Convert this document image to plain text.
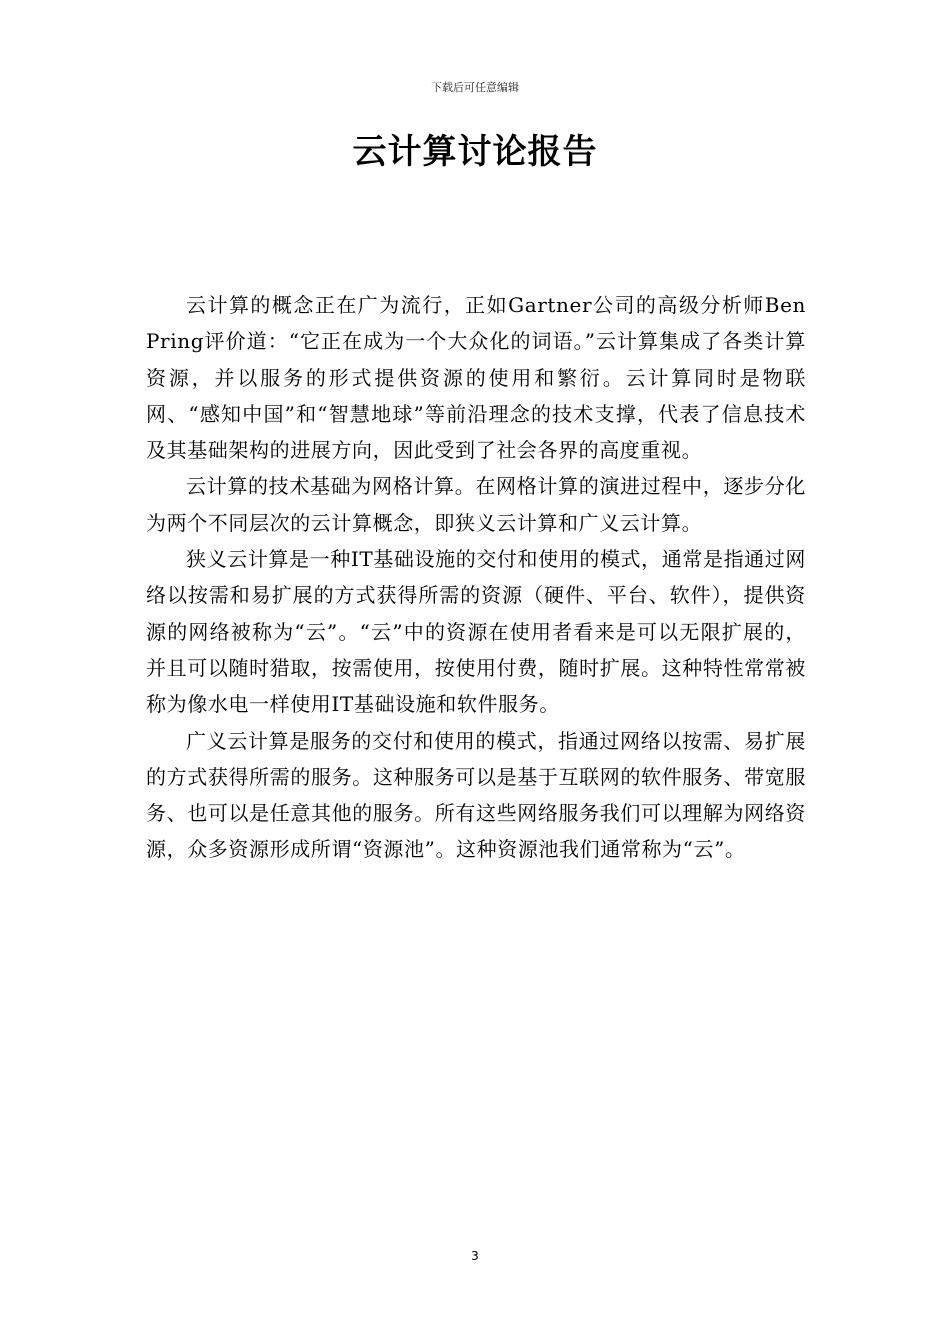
下载后可任意编辑
云计算讨论报告

云计算的概念正在广为流行，正如Gartner公司的高级分析师Ben Pring评价道：“它正在成为一个大众化的词语。”云计算集成了各类计算资源，并以服务的形式提供资源的使用和繁衍。云计算同时是物联网、“感知中国”和“智慧地球”等前沿理念的技术支撑，代表了信息技术及其基础架构的进展方向，因此受到了社会各界的高度重视。

云计算的技术基础为网格计算。在网格计算的演进过程中，逐步分化为两个不同层次的云计算概念，即狭义云计算和广义云计算。

狭义云计算是一种IT基础设施的交付和使用的模式，通常是指通过网络以按需和易扩展的方式获得所需的资源（硬件、平台、软件），提供资源的网络被称为“云”。“云”中的资源在使用者看来是可以无限扩展的，并且可以随时猎取，按需使用，按使用付费，随时扩展。这种特性常常被称为像水电一样使用IT基础设施和软件服务。

广义云计算是服务的交付和使用的模式，指通过网络以按需、易扩展的方式获得所需的服务。这种服务可以是基于互联网的软件服务、带宽服务、也可以是任意其他的服务。所有这些网络服务我们可以理解为网络资源，众多资源形成所谓“资源池”。这种资源池我们通常称为“云”。

3
